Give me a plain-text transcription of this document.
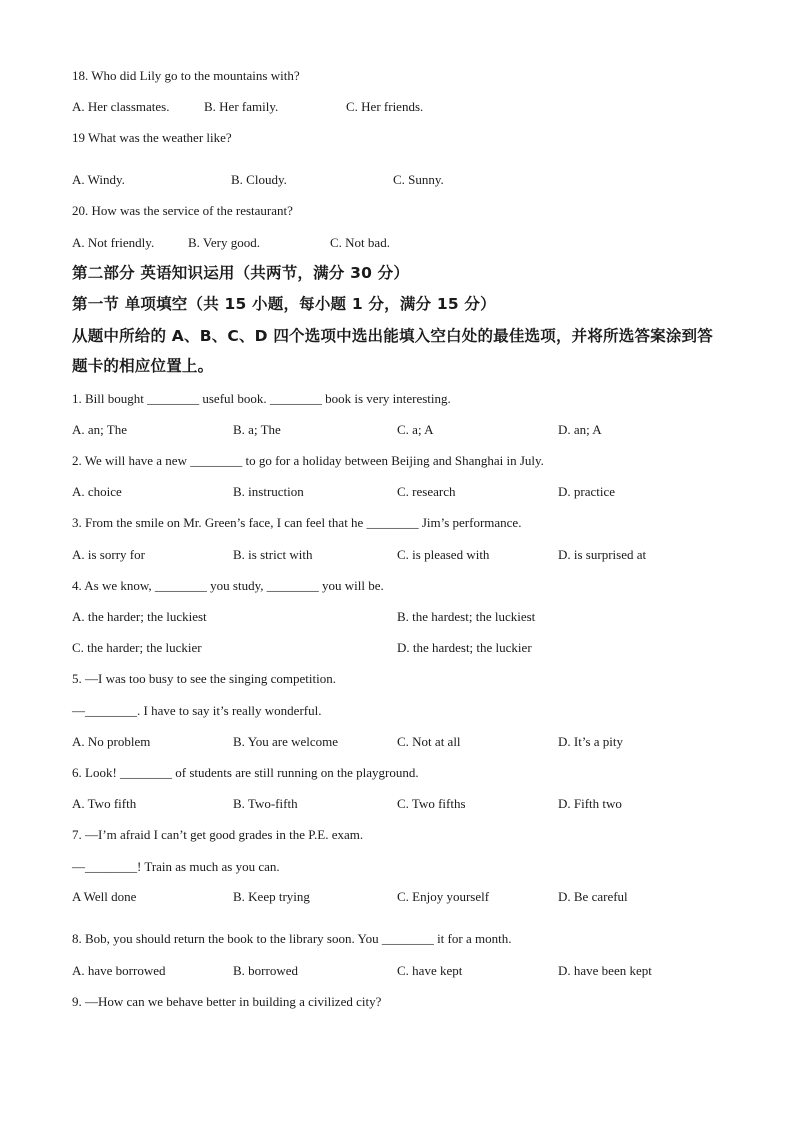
18. Who did Lily go to the mountains with?
A. Her classmates.	B. Her family.	C. Her friends.
19 What was the weather like?
A. Windy.	B. Cloudy.	C. Sunny.
20. How was the service of the restaurant?
A. Not friendly.	B. Very good.	C. Not bad.
第二部分 英语知识运用（共两节，满分 30 分）
第一节 单项填空（共 15 小题，每小题 1 分，满分 15 分）
从题中所给的 A、B、C、D 四个选项中选出能填入空白处的最佳选项，并将所选答案涂到答
题卡的相应位置上。
1. Bill bought ________ useful book. ________ book is very interesting.
A. an; The	B. a; The	C. a; A	D. an; A
2. We will have a new ________ to go for a holiday between Beijing and Shanghai in July.
A. choice	B. instruction	C. research	D. practice
3. From the smile on Mr. Green’s face, I can feel that he ________ Jim’s performance.
A. is sorry for	B. is strict with	C. is pleased with	D. is surprised at
4. As we know, ________ you study, ________ you will be.
A. the harder; the luckiest	B. the hardest; the luckiest
C. the harder; the luckier	D. the hardest; the luckier
5. —I was too busy to see the singing competition.
—________. I have to say it’s really wonderful.
A. No problem	B. You are welcome	C. Not at all	D. It’s a pity
6. Look! ________ of students are still running on the playground.
A. Two fifth	B. Two-fifth	C. Two fifths	D. Fifth two
7. —I’m afraid I can’t get good grades in the P.E. exam.
—________! Train as much as you can.
A Well done	B. Keep trying	C. Enjoy yourself	D. Be careful
8. Bob, you should return the book to the library soon. You ________ it for a month.
A. have borrowed	B. borrowed	C. have kept	D. have been kept
9. —How can we behave better in building a civilized city?
